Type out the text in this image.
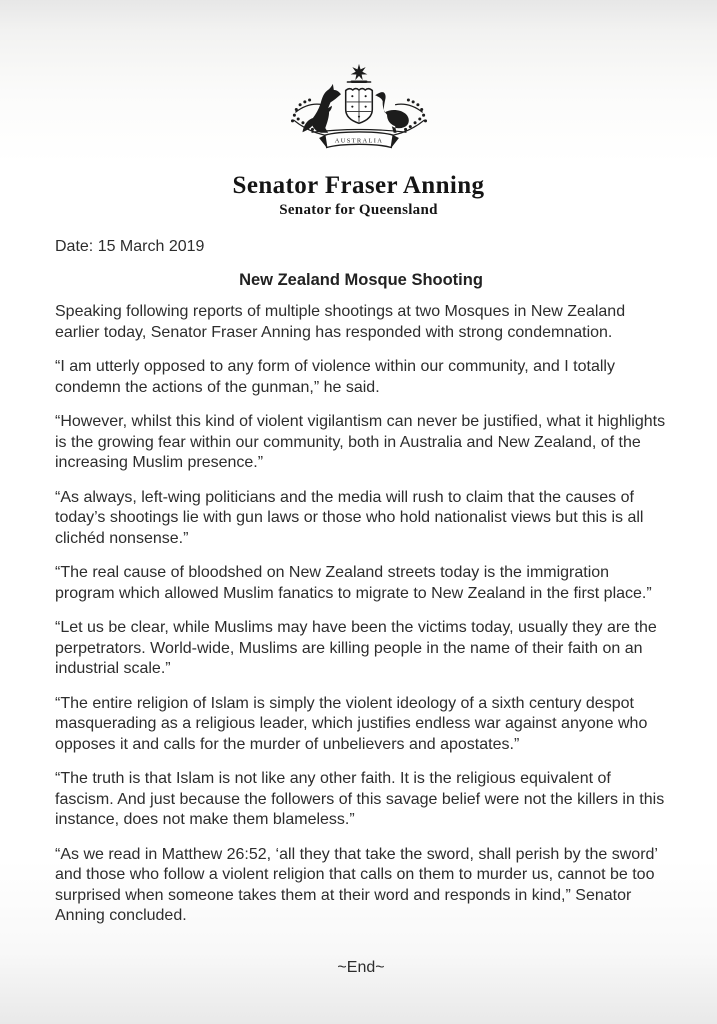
AUSTRALIA
Senator Fraser Anning
Senator for Queensland
Date: 15 March 2019
New Zealand Mosque Shooting

Speaking following reports of multiple shootings at two Mosques in New Zealand earlier today, Senator Fraser Anning has responded with strong condemnation.

“I am utterly opposed to any form of violence within our community, and I totally condemn the actions of the gunman,” he said.

“However, whilst this kind of violent vigilantism can never be justified, what it highlights is the growing fear within our community, both in Australia and New Zealand, of the increasing Muslim presence.”

“As always, left-wing politicians and the media will rush to claim that the causes of today’s shootings lie with gun laws or those who hold nationalist views but this is all clichéd nonsense.”

“The real cause of bloodshed on New Zealand streets today is the immigration program which allowed Muslim fanatics to migrate to New Zealand in the first place.”

“Let us be clear, while Muslims may have been the victims today, usually they are the perpetrators. World-wide, Muslims are killing people in the name of their faith on an industrial scale.”

“The entire religion of Islam is simply the violent ideology of a sixth century despot masquerading as a religious leader, which justifies endless war against anyone who opposes it and calls for the murder of unbelievers and apostates.”

“The truth is that Islam is not like any other faith. It is the religious equivalent of fascism. And just because the followers of this savage belief were not the killers in this instance, does not make them blameless.”

“As we read in Matthew 26:52, ‘all they that take the sword, shall perish by the sword’ and those who follow a violent religion that calls on them to murder us, cannot be too surprised when someone takes them at their word and responds in kind,” Senator Anning concluded.

~End~
